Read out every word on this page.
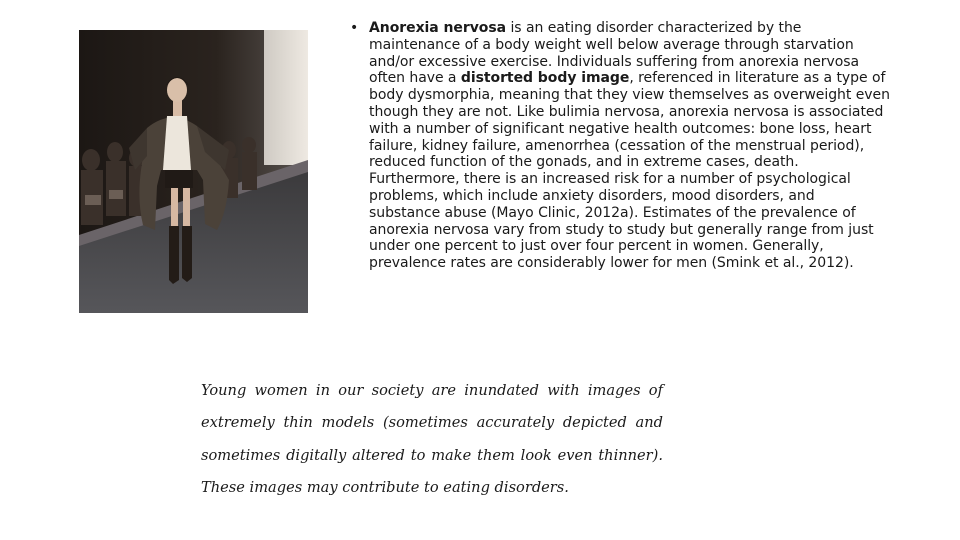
• Anorexia nervosa is an eating disorder characterized by the maintenance of a body weight well below average through starvation and/or excessive exercise. Individuals suffering from anorexia nervosa often have a distorted body image, referenced in literature as a type of body dysmorphia, meaning that they view themselves as overweight even though they are not. Like bulimia nervosa, anorexia nervosa is associated with a number of significant negative health outcomes: bone loss, heart failure, kidney failure, amenorrhea (cessation of the menstrual period), reduced function of the gonads, and in extreme cases, death. Furthermore, there is an increased risk for a number of psychological problems, which include anxiety disorders, mood disorders, and substance abuse (Mayo Clinic, 2012a). Estimates of the prevalence of anorexia nervosa vary from study to study but generally range from just under one percent to just over four percent in women. Generally, prevalence rates are considerably lower for men (Smink et al., 2012).
Young women in our society are inundated with images of
extremely thin models (sometimes accurately depicted and
sometimes digitally altered to make them look even thinner).
These images may contribute to eating disorders.
